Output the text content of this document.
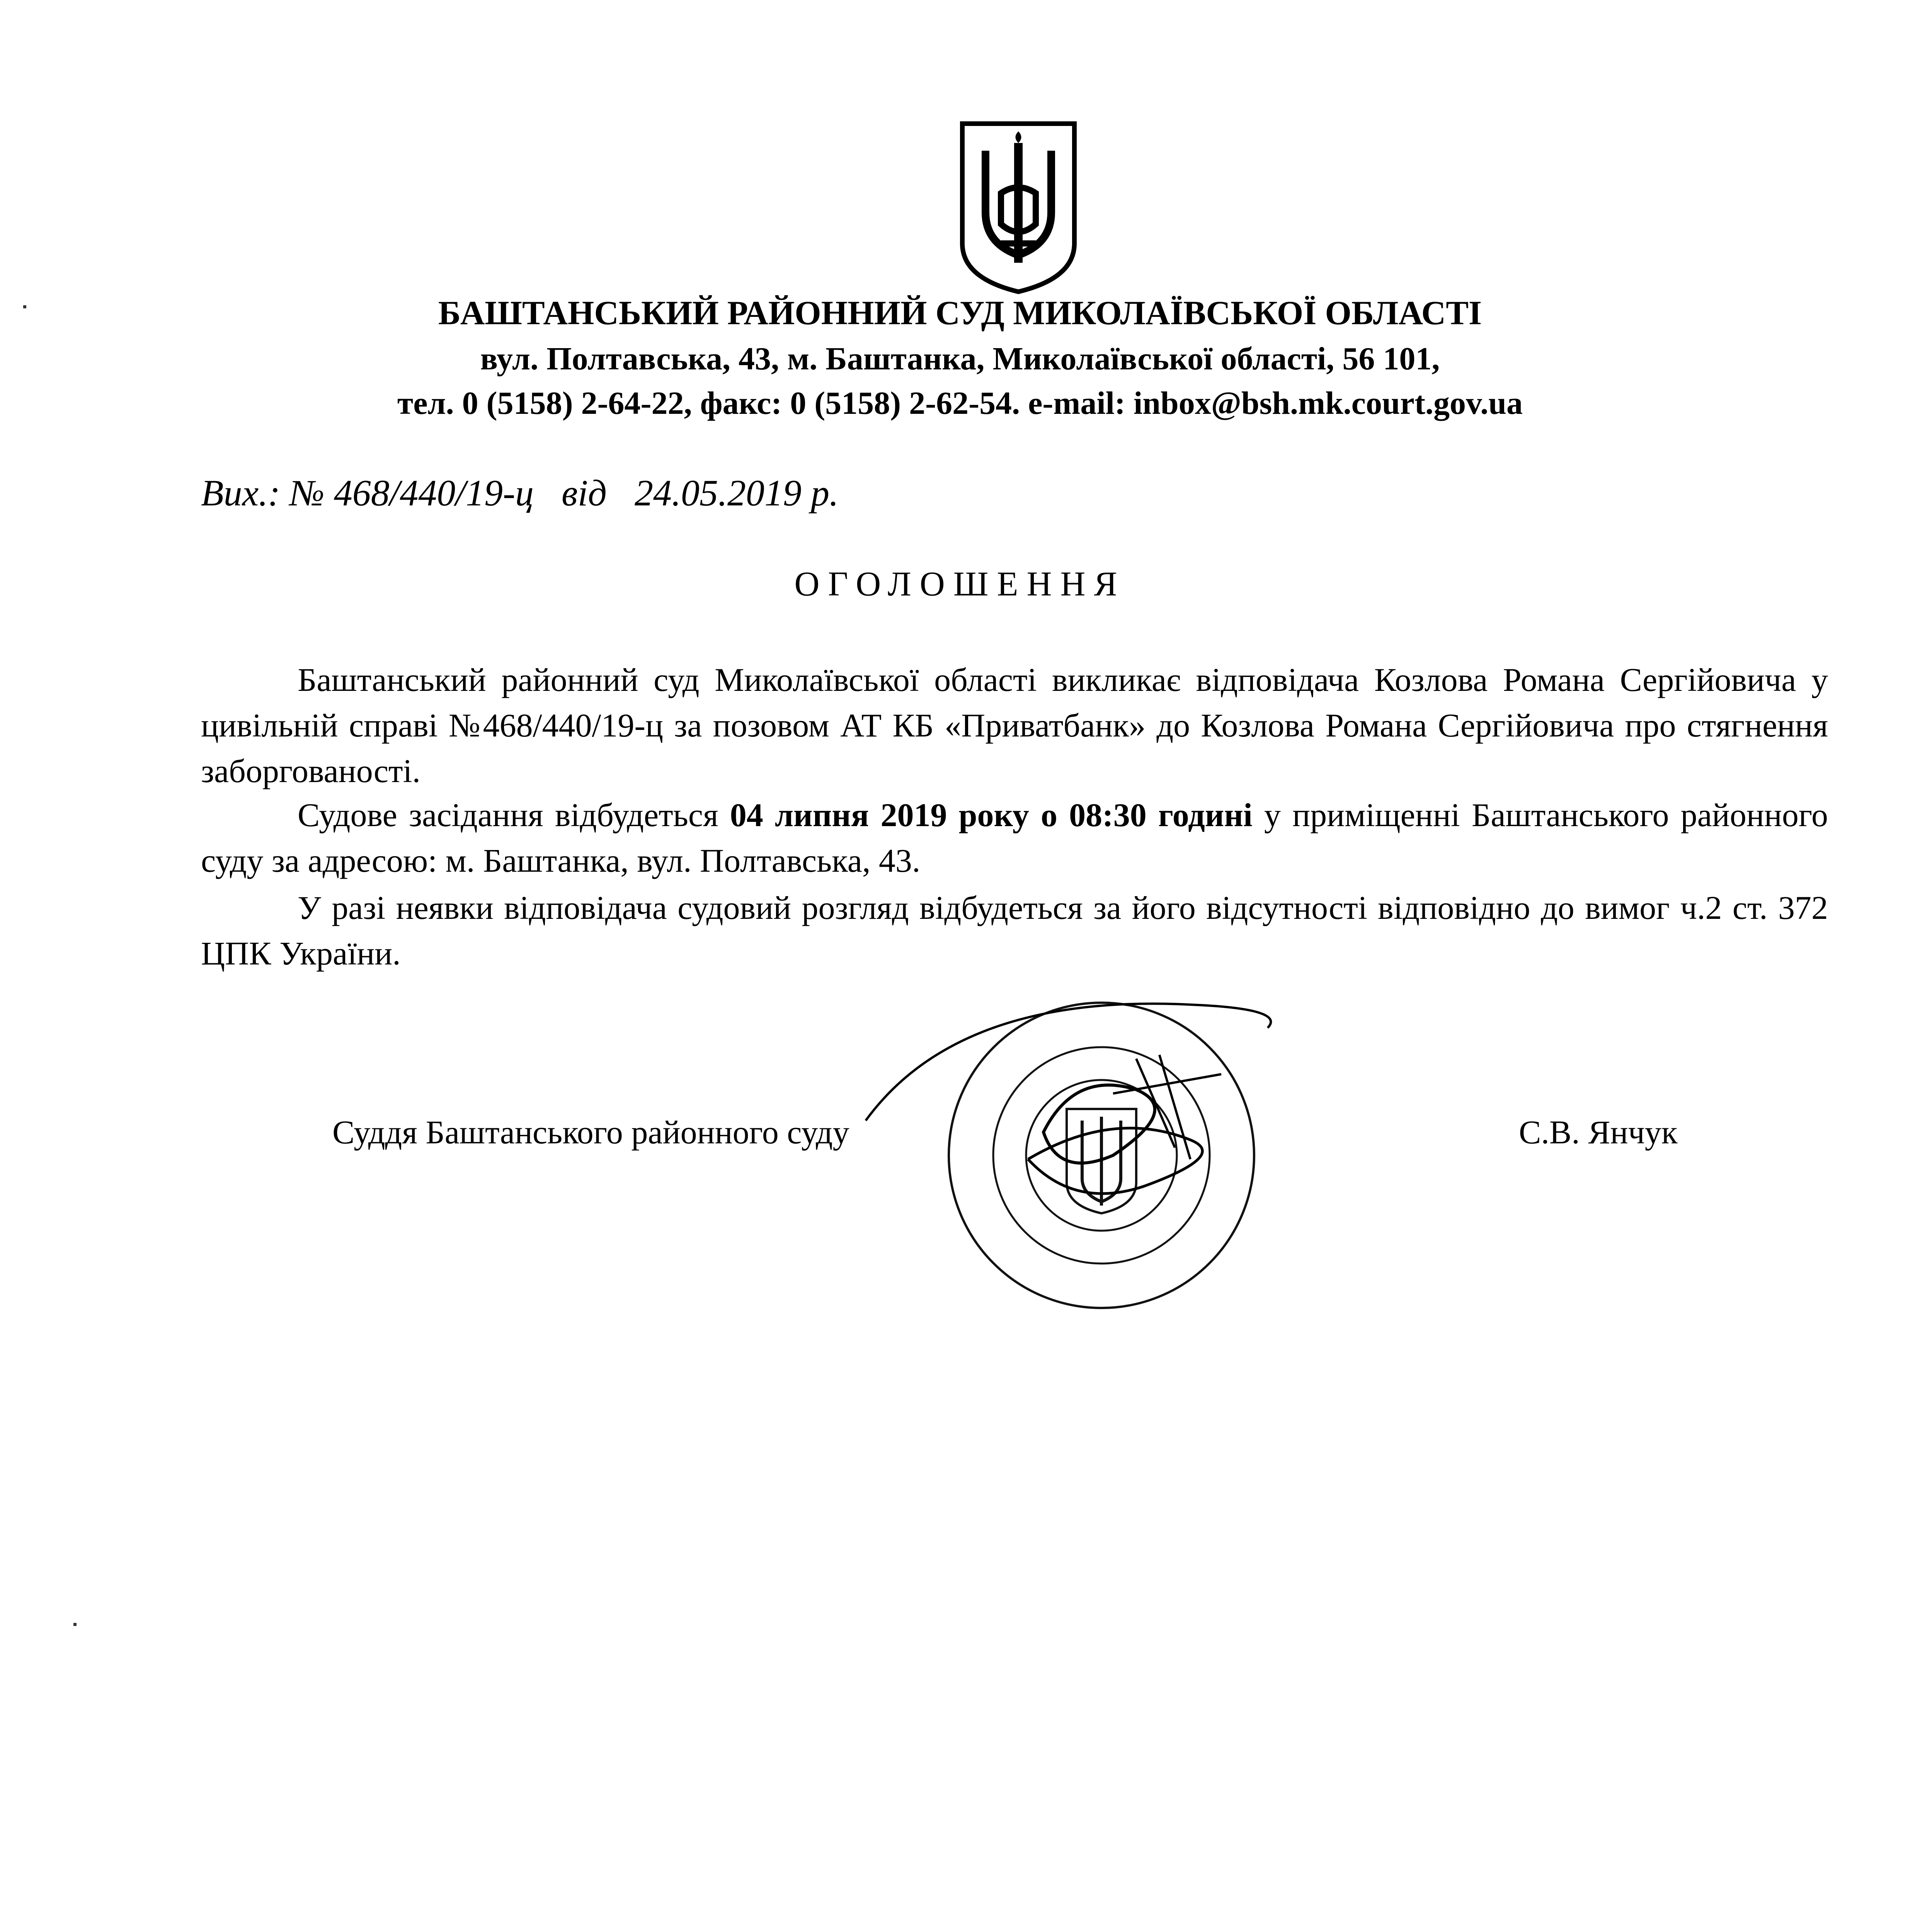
БАШТАНСЬКИЙ РАЙОННИЙ СУД МИКОЛАЇВСЬКОЇ ОБЛАСТІ
вул. Полтавська, 43, м. Баштанка, Миколаївської області, 56 101,
тел. 0 (5158) 2-64-22, факс: 0 (5158) 2-62-54. e-mail: inbox@bsh.mk.court.gov.ua
Вих.: № 468/440/19-ц від 24.05.2019 р.
ОГОЛОШЕННЯ
Баштанський районний суд Миколаївської області викликає відповідача Козлова Романа Сергійовича у цивільній справі №468/440/19-ц за позовом АТ КБ «Приватбанк» до Козлова Романа Сергійовича про стягнення заборгованості.
Судове засідання відбудеться 04 липня 2019 року о 08:30 годині у приміщенні Баштанського районного суду за адресою: м. Баштанка, вул. Полтавська, 43.
У разі неявки відповідача судовий розгляд відбудеться за його відсутності відповідно до вимог ч.2 ст. 372 ЦПК України.
Суддя Баштанського районного суду	С.В. Янчук
